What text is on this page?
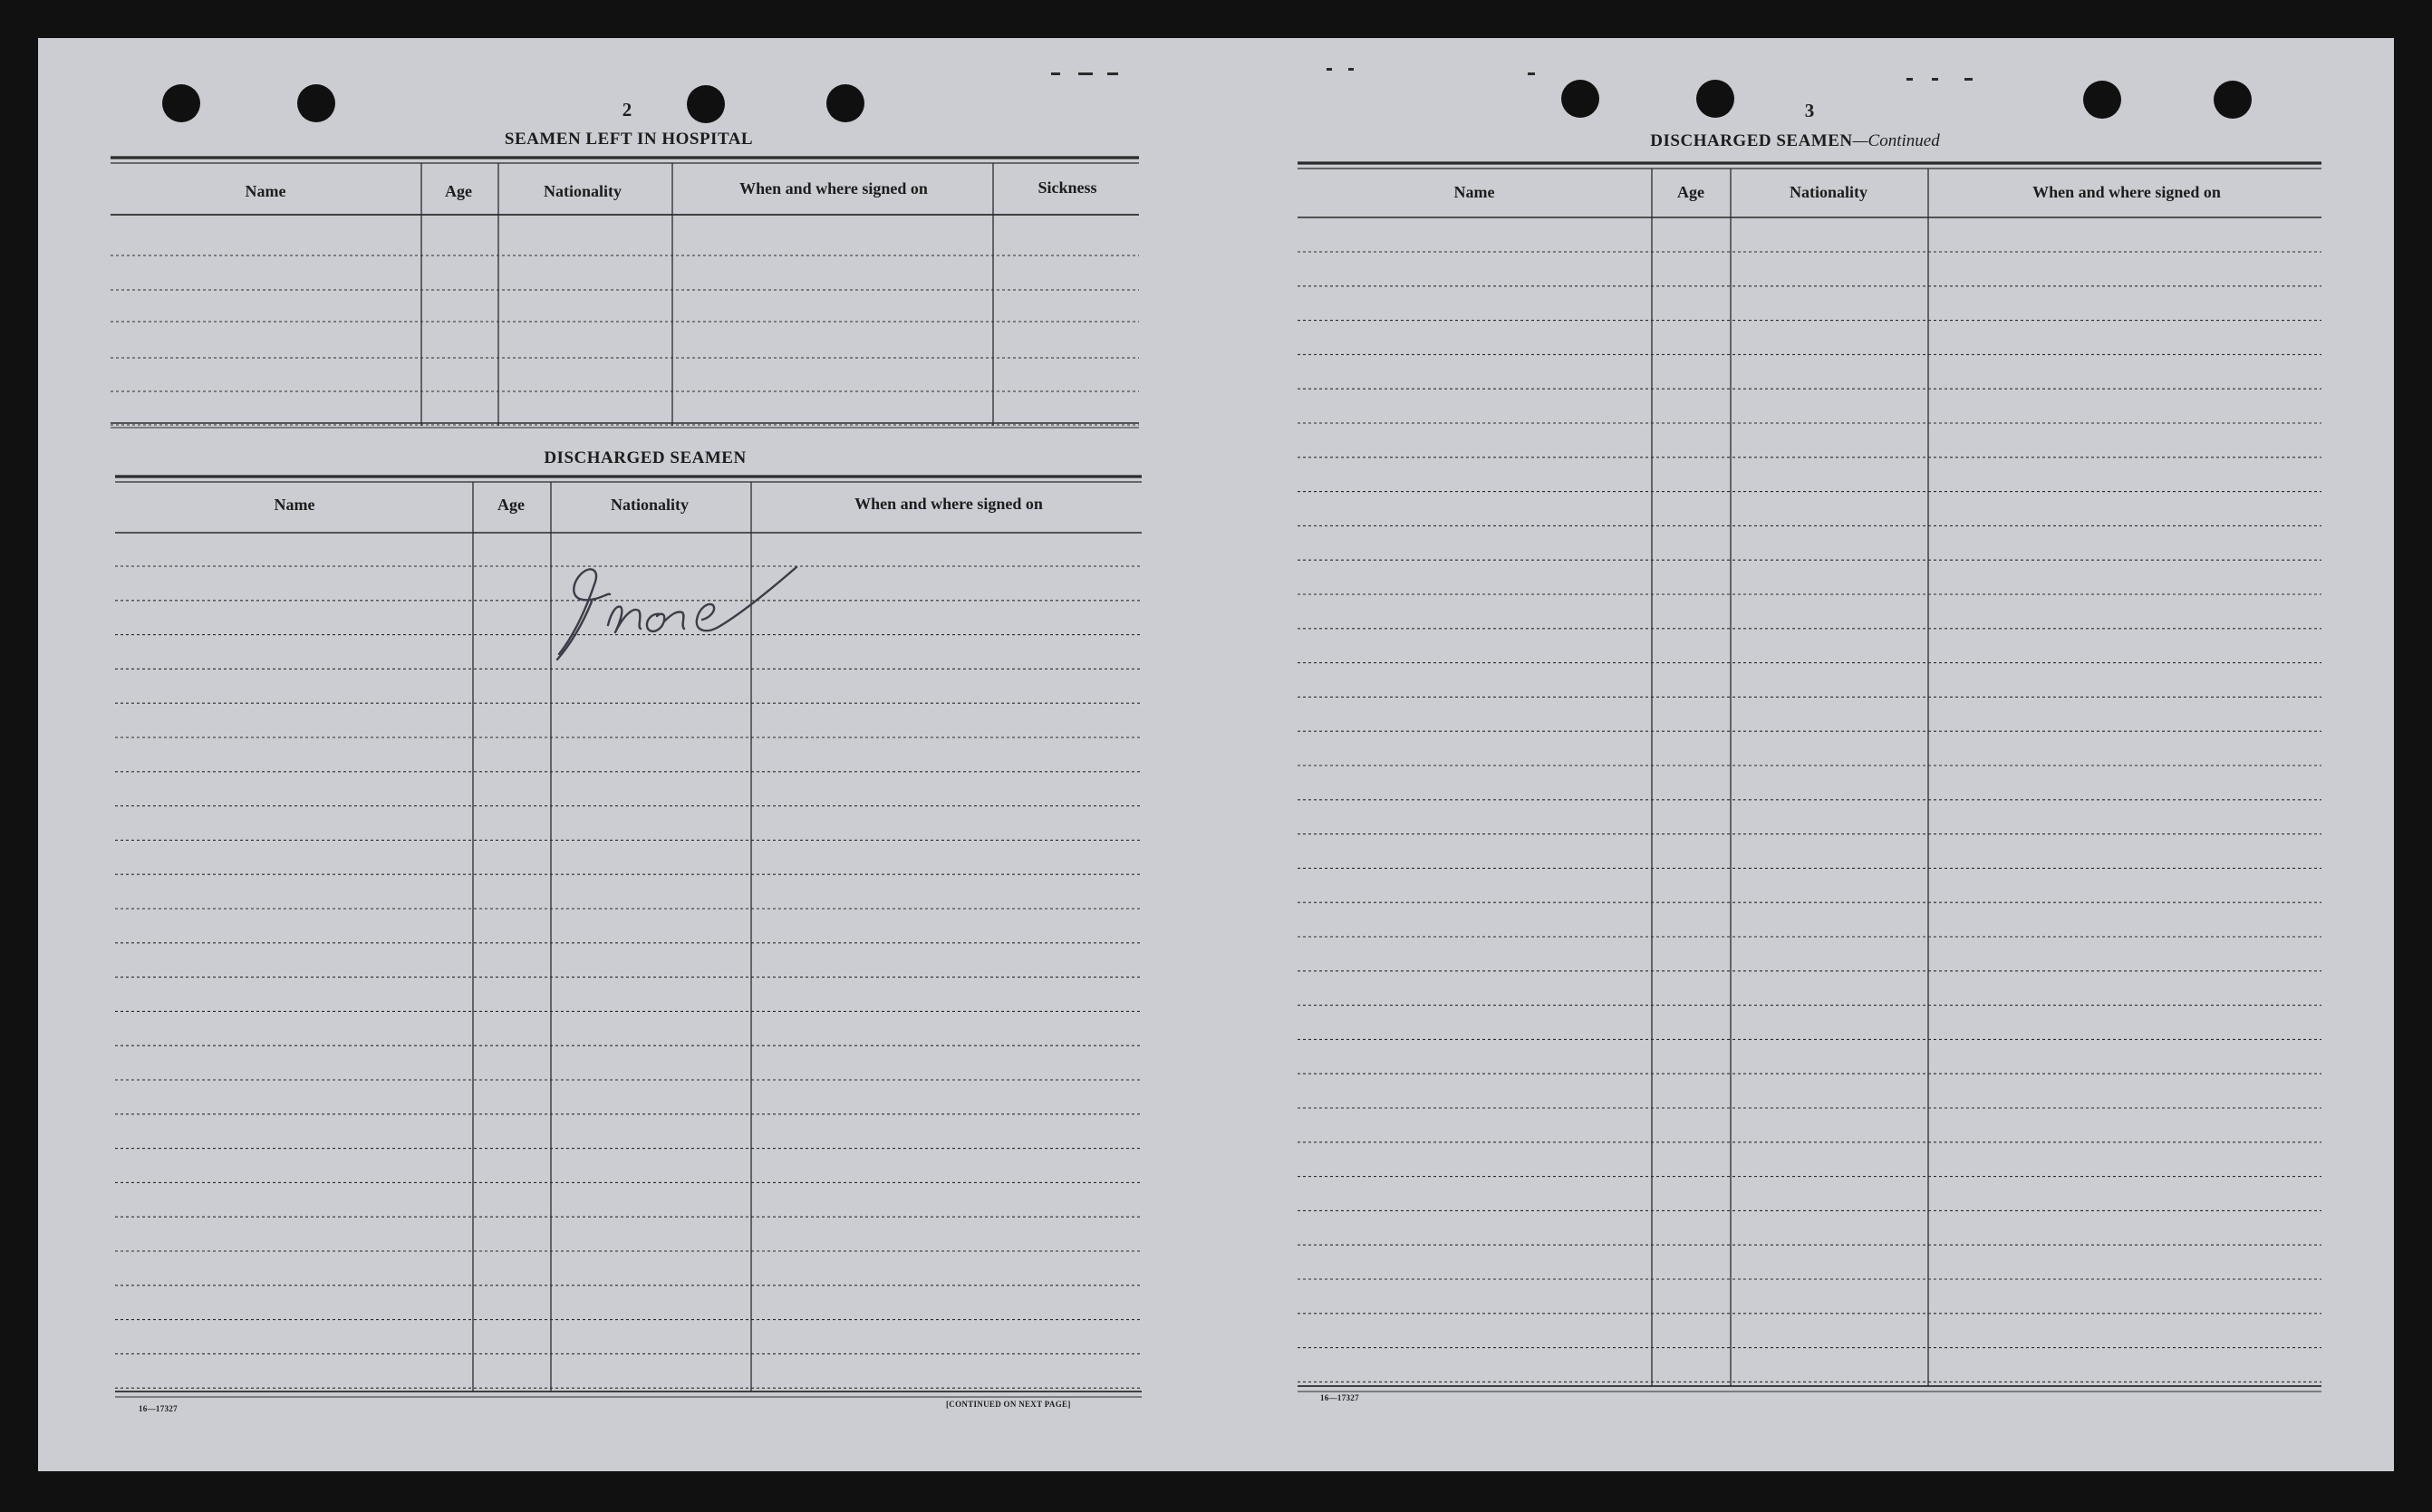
2
SEAMEN LEFT IN HOSPITAL
Name	Age	Nationality	When and where signed on	Sickness
DISCHARGED SEAMEN
Name	Age	Nationality	When and where signed on
16—17327	[CONTINUED ON NEXT PAGE]
3
DISCHARGED SEAMEN—Continued
Name	Age	Nationality	When and where signed on
16—17327
